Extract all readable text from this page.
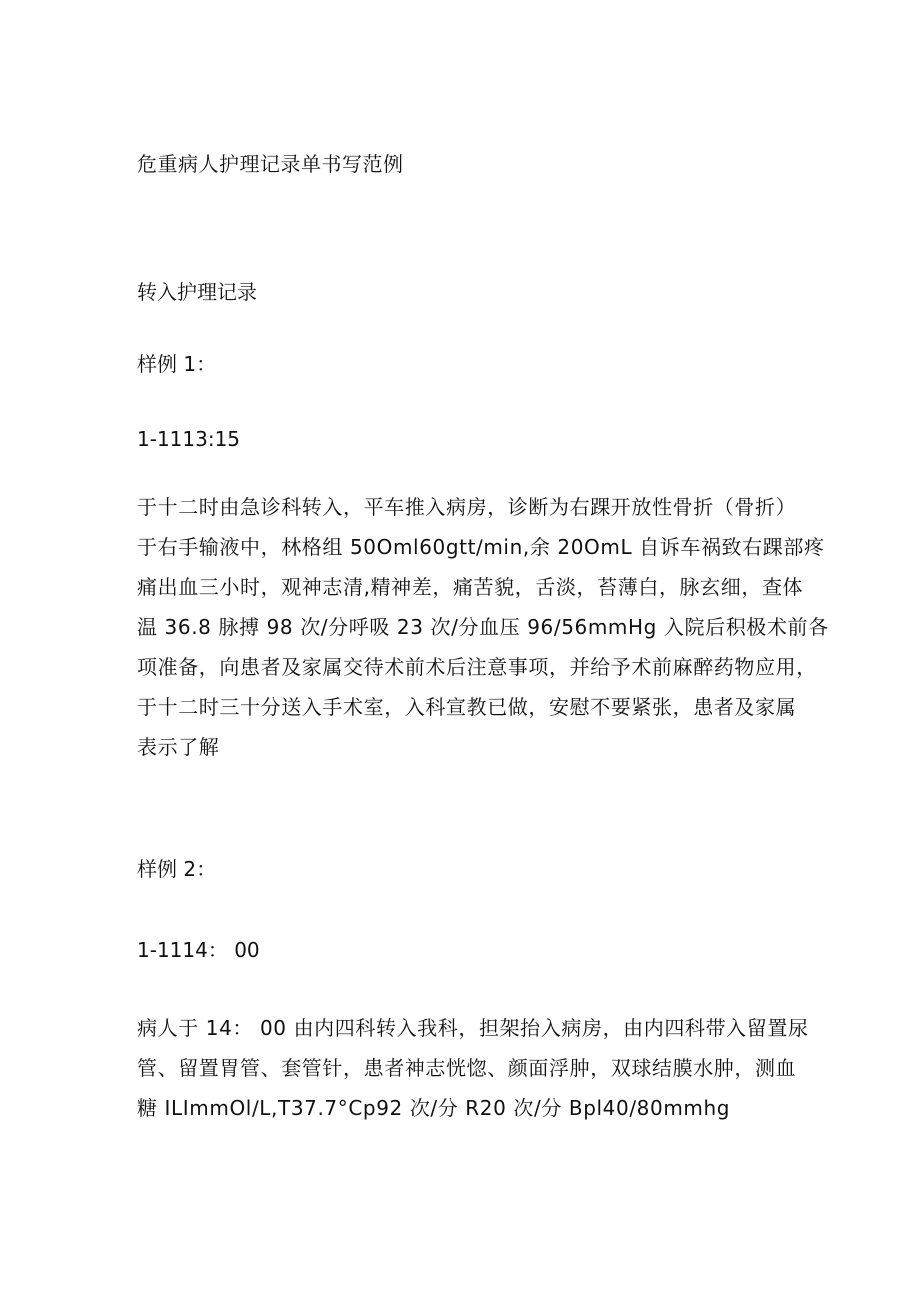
危重病人护理记录单书写范例
转入护理记录
样例 1：
1-1113:15
于十二时由急诊科转入，平车推入病房，诊断为右踝开放性骨折（骨折）
于右手输液中，林格组 50Oml60gtt∕min,余 20OmL 自诉车祸致右踝部疼
痛出血三小时，观神志清,精神差，痛苦貌，舌淡，苔薄白，脉玄细，查体
温 36.8 脉搏 98 次/分呼吸 23 次/分血压 96∕56mmHg 入院后积极术前各
项准备，向患者及家属交待术前术后注意事项，并给予术前麻醉药物应用，
于十二时三十分送入手术室，入科宣教已做，安慰不要紧张，患者及家属
表示了解
样例 2：
1-1114： 00
病人于 14： 00 由内四科转入我科，担架抬入病房，由内四科带入留置尿
管、留置胃管、套管针，患者神志恍惚、颜面浮肿，双球结膜水肿，测血
糖 ILImmOl∕L,T37.7°Cp92 次/分 R20 次/分 Bpl40∕80mmhg
